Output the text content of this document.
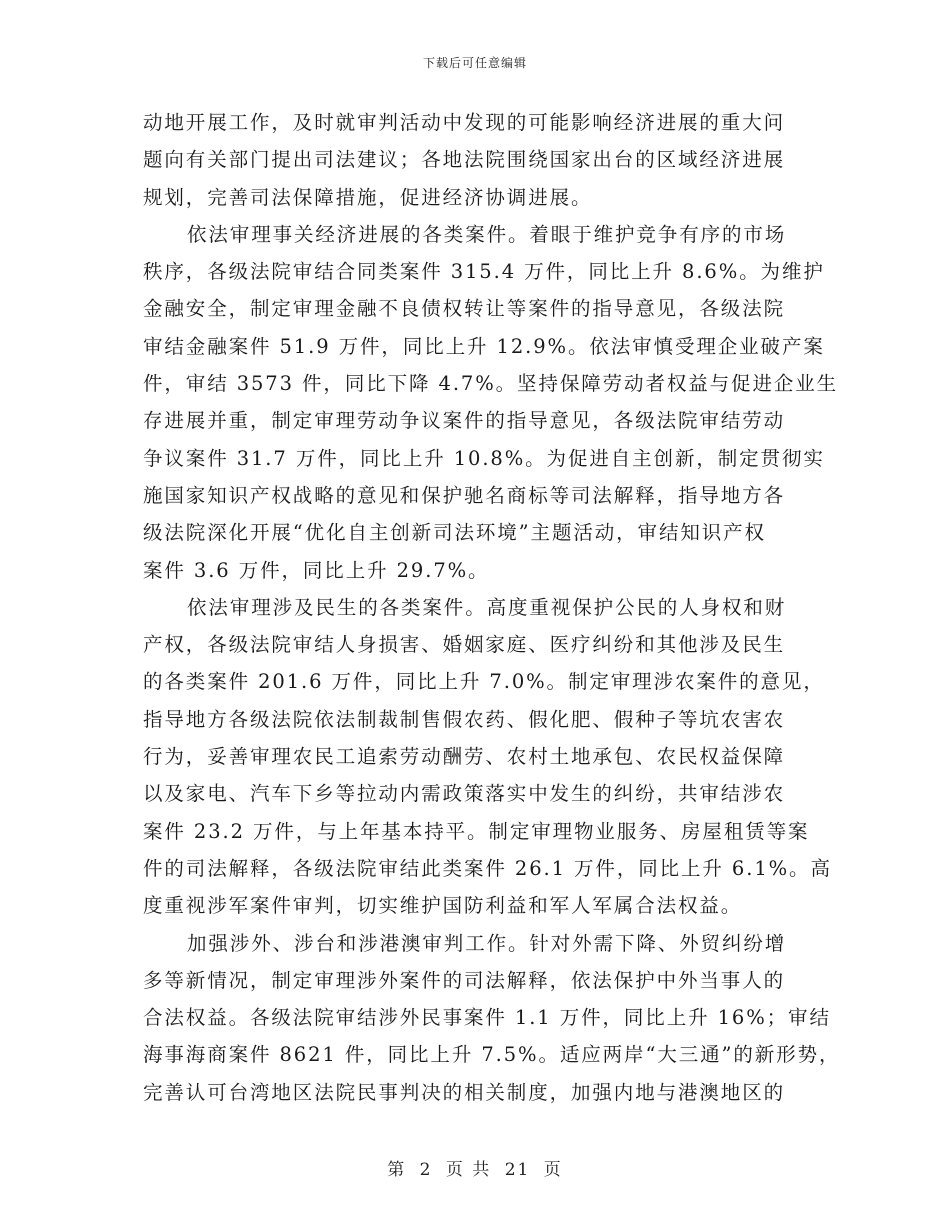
下载后可任意编辑
动地开展工作，及时就审判活动中发现的可能影响经济进展的重大问
题向有关部门提出司法建议；各地法院围绕国家出台的区域经济进展
规划，完善司法保障措施，促进经济协调进展。
依法审理事关经济进展的各类案件。着眼于维护竞争有序的市场
秩序，各级法院审结合同类案件 315.4 万件，同比上升 8.6%。为维护
金融安全，制定审理金融不良债权转让等案件的指导意见，各级法院
审结金融案件 51.9 万件，同比上升 12.9%。依法审慎受理企业破产案
件，审结 3573 件，同比下降 4.7%。坚持保障劳动者权益与促进企业生
存进展并重，制定审理劳动争议案件的指导意见，各级法院审结劳动
争议案件 31.7 万件，同比上升 10.8%。为促进自主创新，制定贯彻实
施国家知识产权战略的意见和保护驰名商标等司法解释，指导地方各
级法院深化开展“优化自主创新司法环境”主题活动，审结知识产权
案件 3.6 万件，同比上升 29.7%。
依法审理涉及民生的各类案件。高度重视保护公民的人身权和财
产权，各级法院审结人身损害、婚姻家庭、医疗纠纷和其他涉及民生
的各类案件 201.6 万件，同比上升 7.0%。制定审理涉农案件的意见，
指导地方各级法院依法制裁制售假农药、假化肥、假种子等坑农害农
行为，妥善审理农民工追索劳动酬劳、农村土地承包、农民权益保障
以及家电、汽车下乡等拉动内需政策落实中发生的纠纷，共审结涉农
案件 23.2 万件，与上年基本持平。制定审理物业服务、房屋租赁等案
件的司法解释，各级法院审结此类案件 26.1 万件，同比上升 6.1%。高
度重视涉军案件审判，切实维护国防利益和军人军属合法权益。
加强涉外、涉台和涉港澳审判工作。针对外需下降、外贸纠纷增
多等新情况，制定审理涉外案件的司法解释，依法保护中外当事人的
合法权益。各级法院审结涉外民事案件 1.1 万件，同比上升 16%；审结
海事海商案件 8621 件，同比上升 7.5%。适应两岸“大三通”的新形势，
完善认可台湾地区法院民事判决的相关制度，加强内地与港澳地区的
第 2 页 共 21 页
